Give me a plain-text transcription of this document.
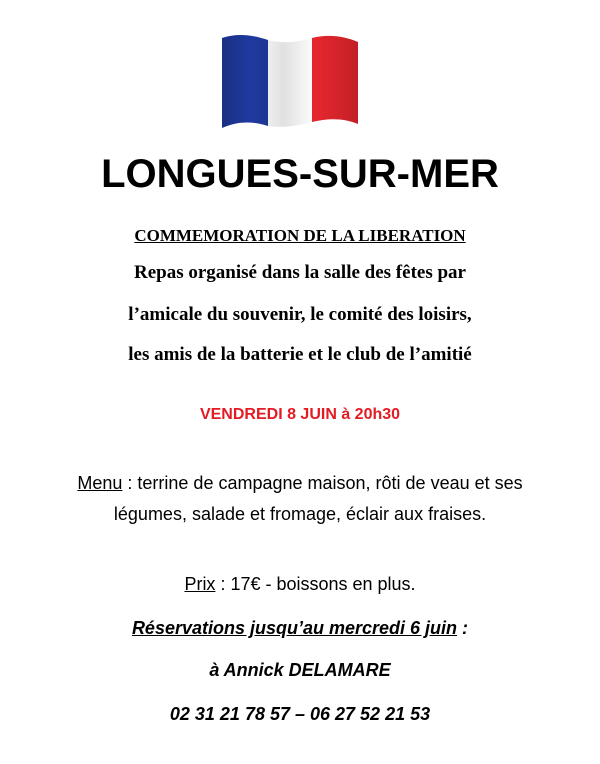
LONGUES-SUR-MER
COMMEMORATION DE LA LIBERATION
Repas organisé dans la salle des fêtes par
l’amicale du souvenir, le comité des loisirs,
les amis de la batterie et le club de l’amitié
VENDREDI 8 JUIN à 20h30
Menu : terrine de campagne maison, rôti de veau et ses légumes, salade et fromage, éclair aux fraises.
Prix : 17€ - boissons en plus.
Réservations jusqu’au mercredi 6 juin :
à Annick DELAMARE
02 31 21 78 57 – 06 27 52 21 53
